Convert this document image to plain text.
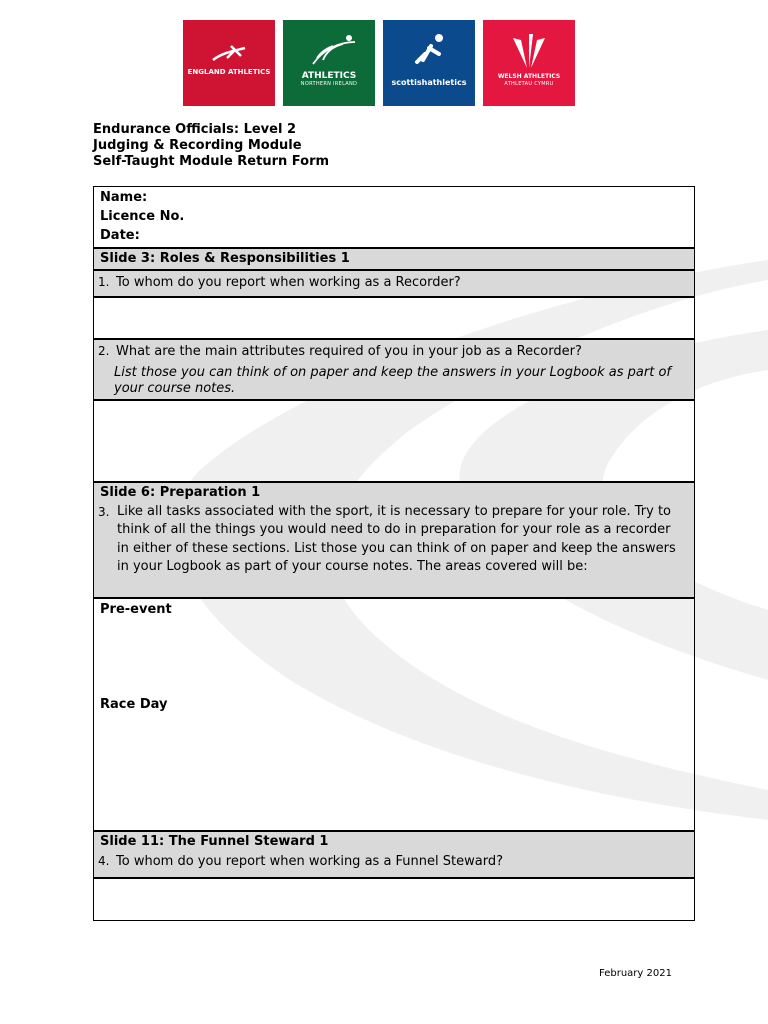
ENGLAND ATHLETICS	ATHLETICS
NORTHERN IRELAND	scottishathletics
WELSH ATHLETICS
ATHLETAU CYMRU
Endurance Officials: Level 2
Judging & Recording Module
Self-Taught Module Return Form
Name:
Licence No.
Date:
Slide 3: Roles & Responsibilities 1
1. To whom do you report when working as a Recorder?
2. What are the main attributes required of you in your job as a Recorder?
List those you can think of on paper and keep the answers in your Logbook as part of your course notes.
Slide 6: Preparation 1
3. Like all tasks associated with the sport, it is necessary to prepare for your role. Try to think of all the things you would need to do in preparation for your role as a recorder in either of these sections. List those you can think of on paper and keep the answers in your Logbook as part of your course notes. The areas covered will be:
Pre-event
Race Day
Slide 11: The Funnel Steward 1
4. To whom do you report when working as a Funnel Steward?
February 2021
